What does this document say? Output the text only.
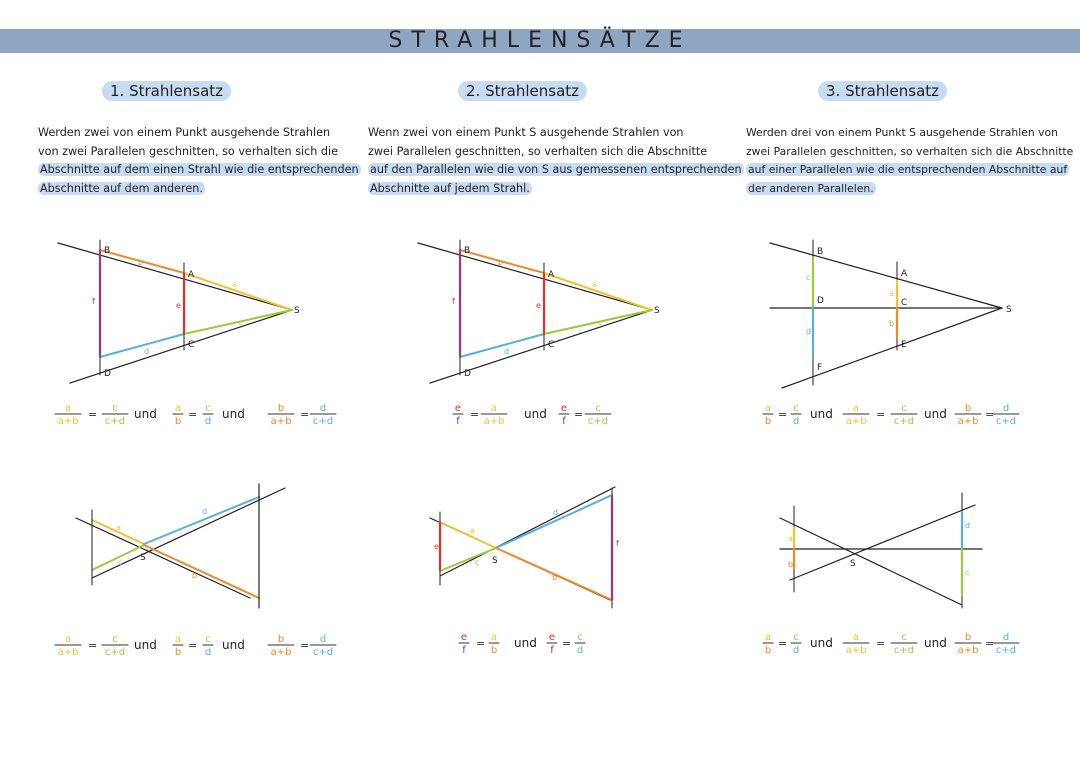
STRAHLENSÄTZE
1. Strahlensatz
Werden zwei von einem Punkt ausgehende Strahlen
von zwei Parallelen geschnitten, so verhalten sich die
Abschnitte auf dem einen Strahl wie die entsprechenden
Abschnitte auf dem anderen.
2. Strahlensatz
Wenn zwei von einem Punkt S ausgehende Strahlen von
zwei Parallelen geschnitten, so verhalten sich die Abschnitte
auf den Parallelen wie die von S aus gemessenen entsprechenden
Abschnitte auf jedem Strahl.
3. Strahlensatz
Werden drei von einem Punkt S ausgehende Strahlen von
zwei Parallelen geschnitten, so verhalten sich die Abschnitte
auf einer Parallelen wie die entsprechenden Abschnitte auf
der anderen Parallelen.
B
A
C
D
S
b
a
c
d
f	e
B
A
C
D
S
b
a
c
d
f	e
B
D
F
A
C
E
S
c
d
a
b
S
a
c
d
b
S
e	f
a
c
d
b
S
a
b
d
c
a
a+b
= c
c+d
und a
b
= c
d
und	b
a+b
= d
c+d
a
a+b
= c
c+d
und a
b
= c
d
und	b
a+b
= d
c+d
e
f
= a
a+b
und e
f
= c
c+d
e
f
= a
b
und e
f
= c
d
a
b
= c
d
und a
a+b
= c
c+d
und b
a+b
= d
c+d
a
b
= c
d
und a
a+b
= c
c+d
und b
a+b
= d
c+d
